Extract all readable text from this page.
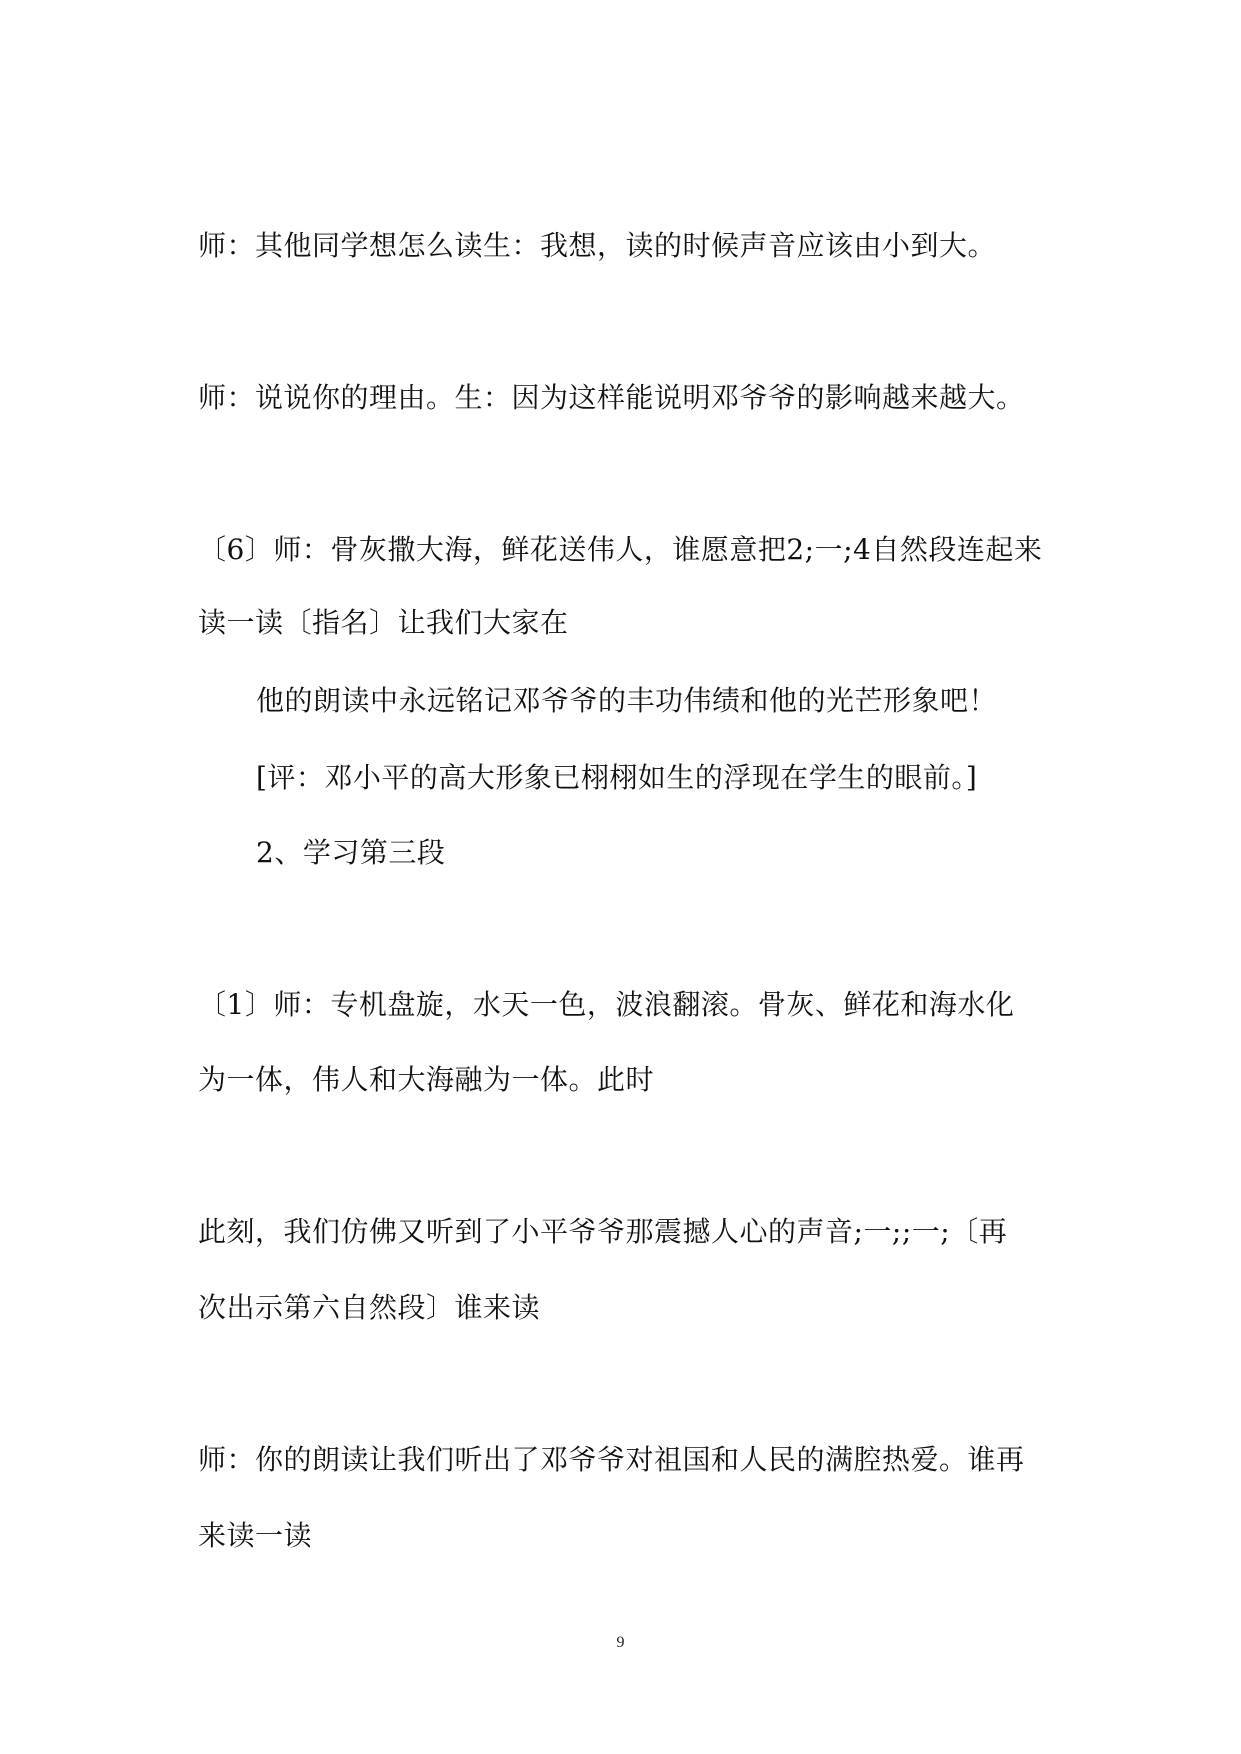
师：其他同学想怎么读生：我想，读的时候声音应该由小到大。
师：说说你的理由。生：因为这样能说明邓爷爷的影响越来越大。
〔6〕师：骨灰撒大海，鲜花送伟人，谁愿意把2;一;4自然段连起来
读一读〔指名〕让我们大家在
他的朗读中永远铭记邓爷爷的丰功伟绩和他的光芒形象吧！
[评：邓小平的高大形象已栩栩如生的浮现在学生的眼前。]
2、学习第三段
〔1〕师：专机盘旋，水天一色，波浪翻滚。骨灰、鲜花和海水化
为一体，伟人和大海融为一体。此时
此刻，我们仿佛又听到了小平爷爷那震撼人心的声音;一;;一;〔再
次出示第六自然段〕谁来读
师：你的朗读让我们听出了邓爷爷对祖国和人民的满腔热爱。谁再
来读一读
9
